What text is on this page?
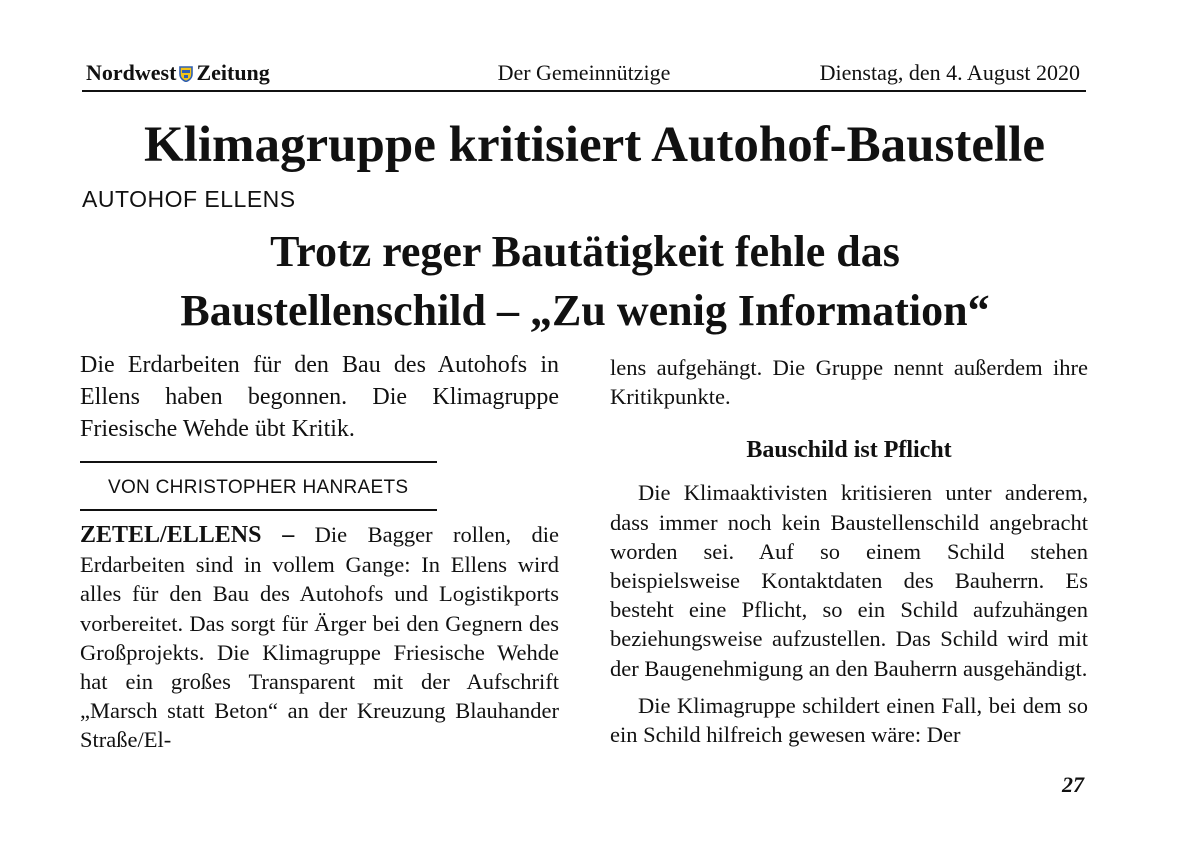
Nordwest Zeitung	Der Gemeinnützige	Dienstag, den 4. August 2020
Klimagruppe kritisiert Autohof-Baustelle
AUTOHOF ELLENS
Trotz reger Bautätigkeit fehle das
Baustellenschild – „Zu wenig Information“

Die Erdarbeiten für den Bau des Autohofs in Ellens haben begonnen. Die Klimagruppe Friesische Wehde übt Kritik.

VON CHRISTOPHER HANRAETS

ZETEL/ELLENS – Die Bagger rollen, die Erdarbeiten sind in vollem Gange: In Ellens wird alles für den Bau des Autohofs und Logistikports vorbereitet. Das sorgt für Ärger bei den Gegnern des Großprojekts. Die Klimagruppe Friesische Wehde hat ein großes Transparent mit der Aufschrift „Marsch statt Beton“ an der Kreuzung Blauhander Straße/El-

lens aufgehängt. Die Gruppe nennt außerdem ihre Kritikpunkte.

Bauschild ist Pflicht

Die Klimaaktivisten kritisieren unter anderem, dass immer noch kein Baustellenschild angebracht worden sei. Auf so einem Schild stehen beispielsweise Kontaktdaten des Bauherrn. Es besteht eine Pflicht, so ein Schild aufzuhängen beziehungsweise aufzustellen. Das Schild wird mit der Baugenehmigung an den Bauherrn ausgehändigt.

Die Klimagruppe schildert einen Fall, bei dem so ein Schild hilfreich gewesen wäre: Der

27
